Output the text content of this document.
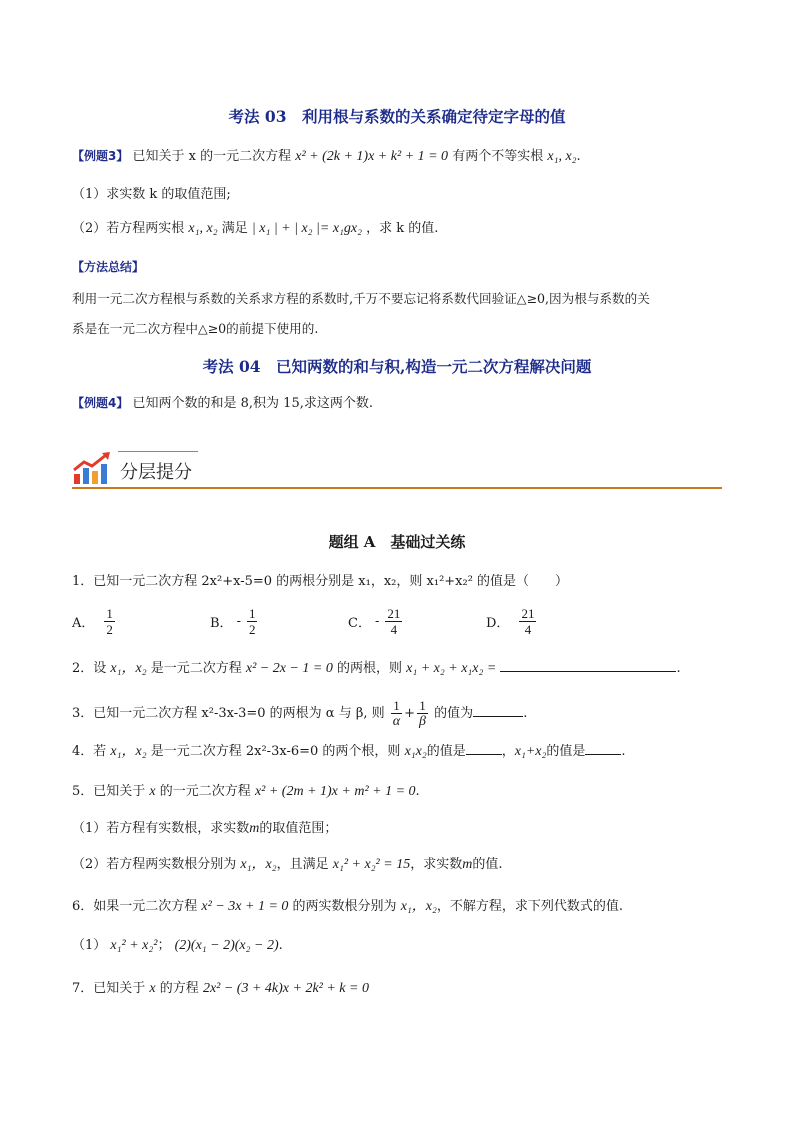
考法 03　利用根与系数的关系确定待定字母的值
【例题3】 已知关于 x 的一元二次方程 x² + (2k + 1)x + k² + 1 = 0 有两个不等实根 x₁, x₂.
（1）求实数 k 的取值范围;
（2）若方程两实根 x₁, x₂ 满足 | x₁ | + | x₂ |= x₁gx₂ ，求 k 的值.
【方法总结】
利用一元二次方程根与系数的关系求方程的系数时,千万不要忘记将系数代回验证△≥0,因为根与系数的关
系是在一元二次方程中△≥0的前提下使用的.
考法 04　已知两数的和与积,构造一元二次方程解决问题
【例题4】 已知两个数的和是 8,积为 15,求这两个数.
分层提分
题组 A　基础过关练
1．已知一元二次方程 2x²+x-5=0 的两根分别是 x₁，x₂，则 x₁²+x₂² 的值是（　　）
A． $\frac{1}{2}$	B． - $\frac{1}{2}$	C． - $\frac{21}{4}$	D． $\frac{21}{4}$
2．设 x₁，x₂ 是一元二次方程 x² − 2x − 1 = 0 的两根，则 x₁ + x₂ + x₁x₂ =	.
3．已知一元二次方程 x²-3x-3=0 的两根为 α 与 β, 则 $\frac{1}{\alpha} + \frac{1}{\beta}$ 的值为	.
4．若 x₁，x₂ 是一元二次方程 2x²-3x-6=0 的两个根，则 x₁x₂的值是	，x₁+x₂的值是	.
5．已知关于 x 的一元二次方程 x² + (2m + 1)x + m² + 1 = 0.
（1）若方程有实数根，求实数m的取值范围；
（2）若方程两实数根分别为 x₁，x₂，且满足 x₁² + x₂² = 15，求实数m的值.
6．如果一元二次方程 x² − 3x + 1 = 0 的两实数根分别为 x₁，x₂，不解方程，求下列代数式的值.
（1） x₁² + x₂²； (2)(x₁ − 2)(x₂ − 2).
7．已知关于 x 的方程 2x² − (3 + 4k)x + 2k² + k = 0
